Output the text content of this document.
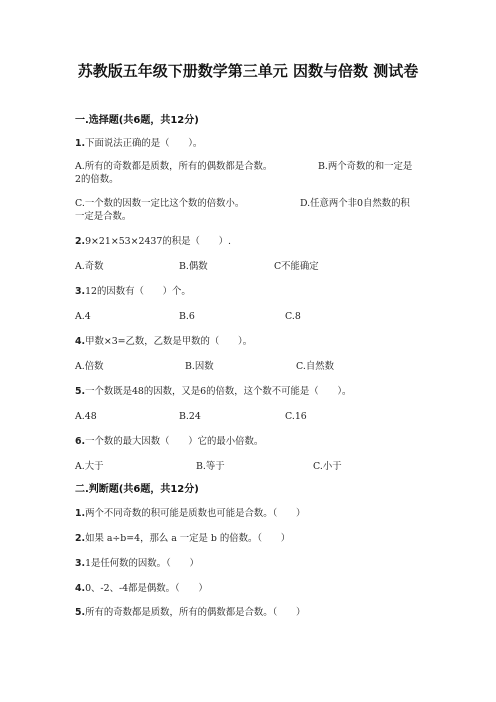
苏教版五年级下册数学第三单元 因数与倍数 测试卷
一.选择题(共6题，共12分)
1.下面说法正确的是（　　）。
A.所有的奇数都是质数，所有的偶数都是合数。	B.两个奇数的和一定是
2的倍数。
C.一个数的因数一定比这个数的倍数小。	D.任意两个非0自然数的积
一定是合数。
2.9×21×53×2437的积是（　　）.
A.奇数	B.偶数	C不能确定
3.12的因数有（　　）个。
A.4	B.6	C.8
4.甲数×3=乙数，乙数是甲数的（　　）。
A.倍数	B.因数	C.自然数
5.一个数既是48的因数，又是6的倍数，这个数不可能是（　　）。
A.48	B.24	C.16
6.一个数的最大因数（　　）它的最小倍数。
A.大于	B.等于	C.小于
二.判断题(共6题，共12分)
1.两个不同奇数的积可能是质数也可能是合数。（　　）
2.如果 a÷b=4，那么 a 一定是 b 的倍数。（　　）
3.1是任何数的因数。（　　）
4.0、-2、-4都是偶数。（　　）
5.所有的奇数都是质数，所有的偶数都是合数。（　　）
